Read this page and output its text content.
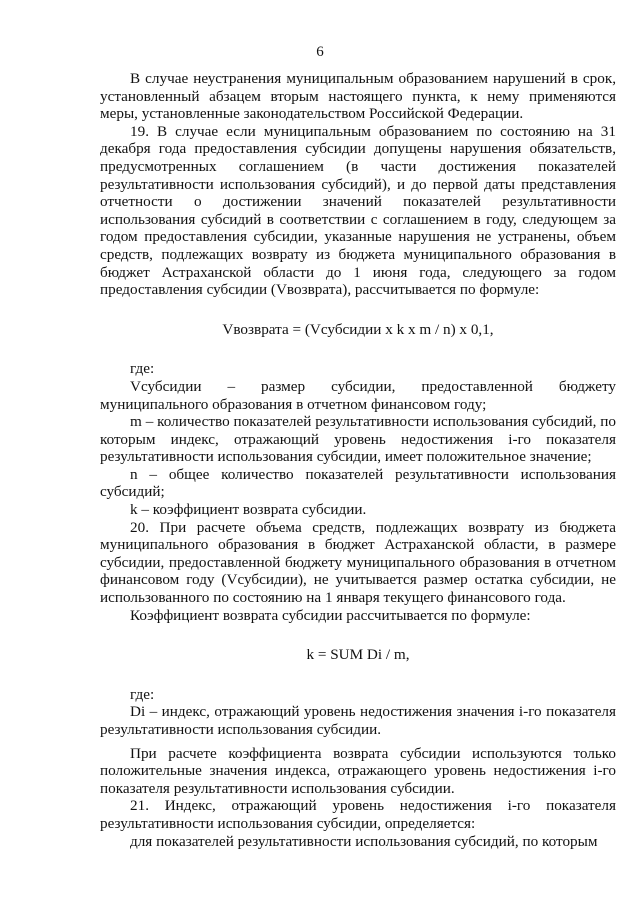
6

В случае неустранения муниципальным образованием нарушений в срок, установленный абзацем вторым настоящего пункта, к нему применяются меры, установленные законодательством Российской Федерации.

19. В случае если муниципальным образованием по состоянию на 31 декабря года предоставления субсидии допущены нарушения обязательств, предусмотренных соглашением (в части достижения показателей результативности использования субсидий), и до первой даты представления отчетности о достижении значений показателей результативности использования субсидий в соответствии с соглашением в году, следующем за годом предоставления субсидии, указанные нарушения не устранены, объем средств, подлежащих возврату из бюджета муниципального образования в бюджет Астраханской области до 1 июня года, следующего за годом предоставления субсидии (Vвозврата), рассчитывается по формуле:

Vвозврата = (Vсубсидии x k x m / n) x 0,1,

где:

Vсубсидии – размер субсидии, предоставленной бюджету муниципального образования в отчетном финансовом году;

m – количество показателей результативности использования субсидий, по которым индекс, отражающий уровень недостижения i-го показателя результативности использования субсидии, имеет положительное значение;

n – общее количество показателей результативности использования субсидий;

k – коэффициент возврата субсидии.

20. При расчете объема средств, подлежащих возврату из бюджета муниципального образования в бюджет Астраханской области, в размере субсидии, предоставленной бюджету муниципального образования в отчетном финансовом году (Vсубсидии), не учитывается размер остатка субсидии, не использованного по состоянию на 1 января текущего финансового года.

Коэффициент возврата субсидии рассчитывается по формуле:

k = SUM Di / m,

где:

Di – индекс, отражающий уровень недостижения значения i-го показателя результативности использования субсидии.

При расчете коэффициента возврата субсидии используются только положительные значения индекса, отражающего уровень недостижения i-го показателя результативности использования субсидии.

21. Индекс, отражающий уровень недостижения i-го показателя результативности использования субсидии, определяется:

для показателей результативности использования субсидий, по которым
